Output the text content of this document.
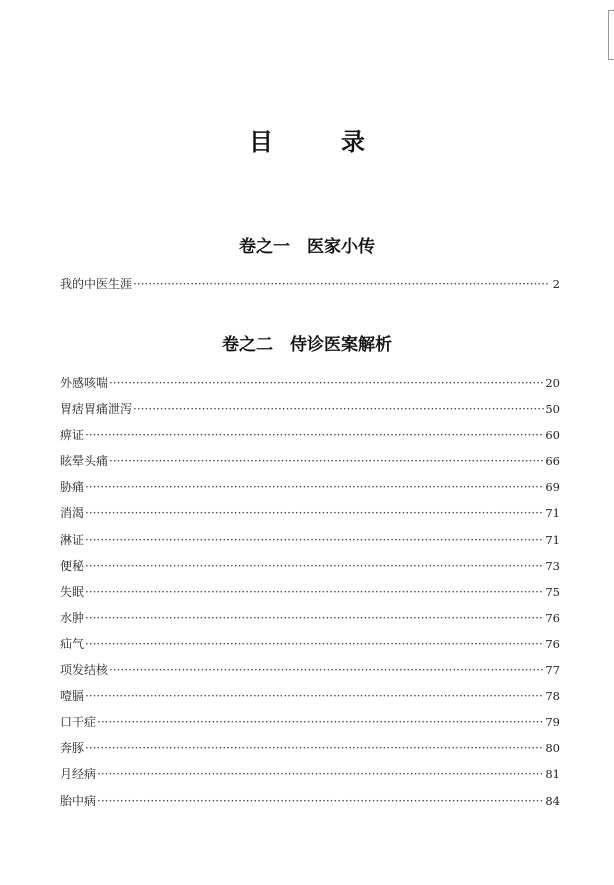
目　录
卷之一　医家小传
我的中医生涯 ·····	2
卷之二　侍诊医案解析
外感咳喘 ·····	20
胃痞胃痛泄泻 ·····	50
痹证 ·····	60
眩晕头痛 ·····	66
胁痛 ·····	69
消渴 ·····	71
淋证 ·····	71
便秘 ·····	73
失眠 ·····	75
水肿 ·····	76
疝气 ·····	76
项发结核 ·····	77
噎膈 ·····	78
口干症 ·····	79
奔豚 ·····	80
月经病 ·····	81
胎中病 ·····	84
